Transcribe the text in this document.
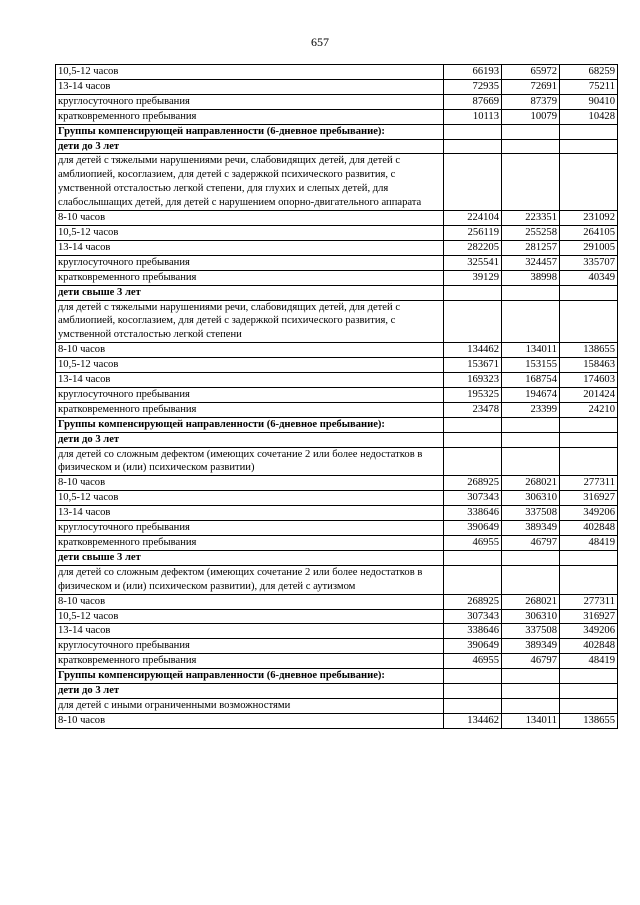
657
10,5-12 часов	66193	65972	68259
13-14 часов	72935	72691	75211
круглосуточного пребывания	87669	87379	90410
кратковременного пребывания	10113	10079	10428
Группы компенсирующей направленности (6-дневное пребывание):			
дети до 3 лет			
для детей с тяжелыми нарушениями речи, слабовидящих детей, для детей с амблиопией, косоглазием, для детей с задержкой психического развития, с умственной отсталостью легкой степени, для глухих и слепых детей, для слабослышащих детей, для детей с нарушением опорно-двигательного аппарата			
8-10 часов	224104	223351	231092
10,5-12 часов	256119	255258	264105
13-14 часов	282205	281257	291005
круглосуточного пребывания	325541	324457	335707
кратковременного пребывания	39129	38998	40349
дети свыше 3 лет			
для детей с тяжелыми нарушениями речи, слабовидящих детей, для детей с амблиопией, косоглазием, для детей с задержкой психического развития, с умственной отсталостью легкой степени			
8-10 часов	134462	134011	138655
10,5-12 часов	153671	153155	158463
13-14 часов	169323	168754	174603
круглосуточного пребывания	195325	194674	201424
кратковременного пребывания	23478	23399	24210
Группы компенсирующей направленности (6-дневное пребывание):			
дети до 3 лет			
для детей со сложным дефектом (имеющих сочетание 2 или более недостатков в физическом и (или) психическом развитии)			
8-10 часов	268925	268021	277311
10,5-12 часов	307343	306310	316927
13-14 часов	338646	337508	349206
круглосуточного пребывания	390649	389349	402848
кратковременного пребывания	46955	46797	48419
дети свыше 3 лет			
для детей со сложным дефектом (имеющих сочетание 2 или более недостатков в физическом и (или) психическом развитии), для детей с аутизмом			
8-10 часов	268925	268021	277311
10,5-12 часов	307343	306310	316927
13-14 часов	338646	337508	349206
круглосуточного пребывания	390649	389349	402848
кратковременного пребывания	46955	46797	48419
Группы компенсирующей направленности (6-дневное пребывание):			
дети до 3 лет			
для детей с иными ограниченными возможностями			
8-10 часов	134462	134011	138655
